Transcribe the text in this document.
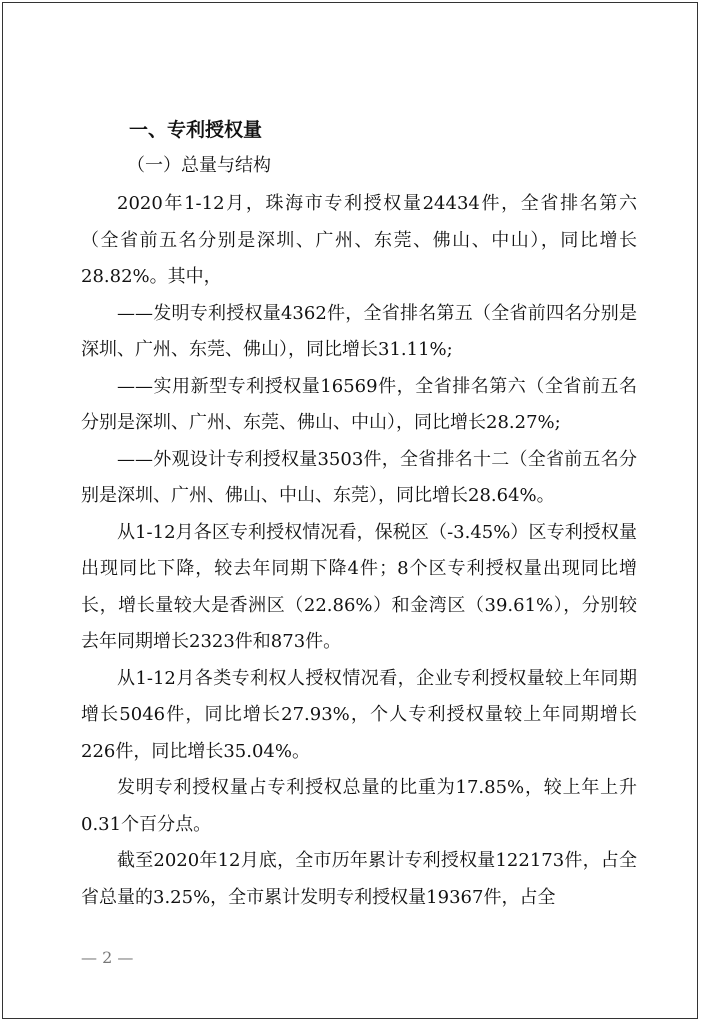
一、专利授权量
（一）总量与结构

2020年1-12月，珠海市专利授权量24434件，全省排名第六（全省前五名分别是深圳、广州、东莞、佛山、中山），同比增长28.82%。其中，

——发明专利授权量4362件，全省排名第五（全省前四名分别是深圳、广州、东莞、佛山），同比增长31.11%;

——实用新型专利授权量16569件，全省排名第六（全省前五名分别是深圳、广州、东莞、佛山、中山），同比增长28.27%;

——外观设计专利授权量3503件，全省排名十二（全省前五名分别是深圳、广州、佛山、中山、东莞），同比增长28.64%。

从1-12月各区专利授权情况看，保税区（-3.45%）区专利授权量出现同比下降，较去年同期下降4件；8个区专利授权量出现同比增长，增长量较大是香洲区（22.86%）和金湾区（39.61%），分别较去年同期增长2323件和873件。

从1-12月各类专利权人授权情况看，企业专利授权量较上年同期增长5046件，同比增长27.93%，个人专利授权量较上年同期增长226件，同比增长35.04%。

发明专利授权量占专利授权总量的比重为17.85%，较上年上升0.31个百分点。

截至2020年12月底，全市历年累计专利授权量122173件，占全省总量的3.25%，全市累计发明专利授权量19367件，占全

— 2 —
